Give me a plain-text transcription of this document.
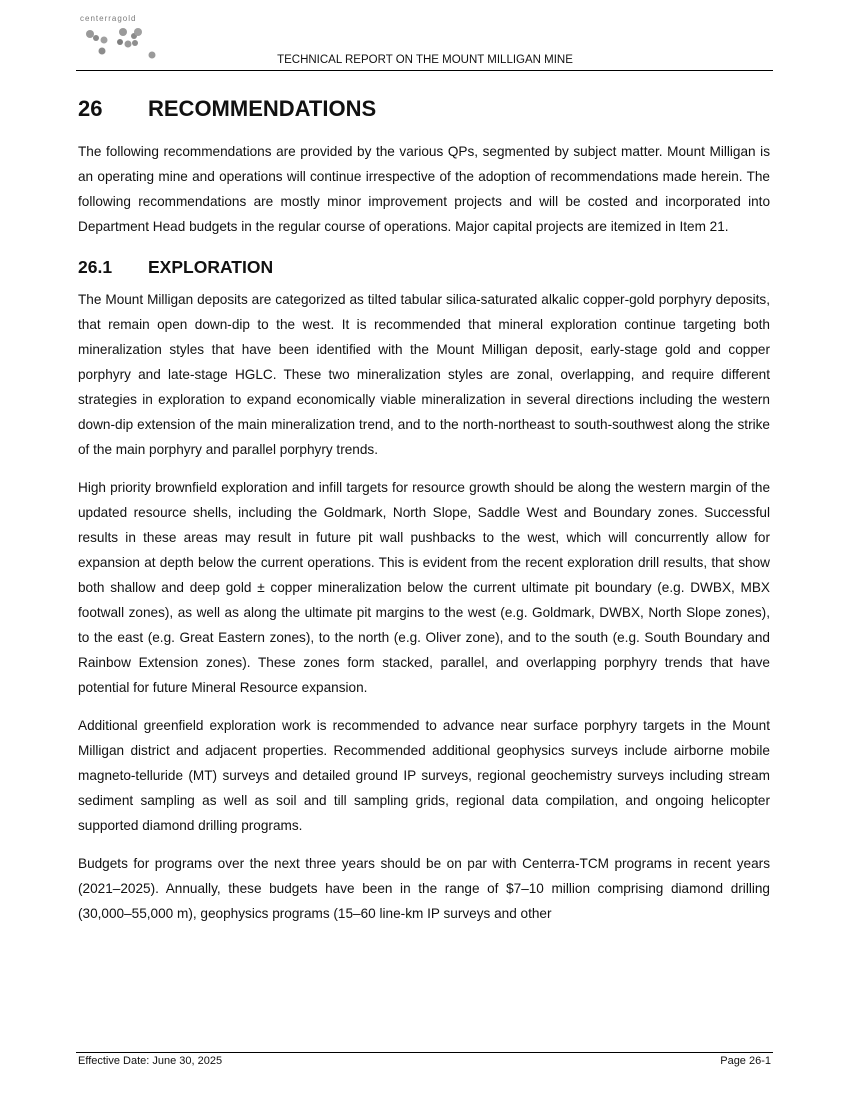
centerragold
TECHNICAL REPORT ON THE MOUNT MILLIGAN MINE
26	RECOMMENDATIONS

The following recommendations are provided by the various QPs, segmented by subject matter. Mount Milligan is an operating mine and operations will continue irrespective of the adoption of recommendations made herein. The following recommendations are mostly minor improvement projects and will be costed and incorporated into Department Head budgets in the regular course of operations. Major capital projects are itemized in Item 21.

26.1	EXPLORATION

The Mount Milligan deposits are categorized as tilted tabular silica-saturated alkalic copper-gold porphyry deposits, that remain open down-dip to the west. It is recommended that mineral exploration continue targeting both mineralization styles that have been identified with the Mount Milligan deposit, early-stage gold and copper porphyry and late-stage HGLC. These two mineralization styles are zonal, overlapping, and require different strategies in exploration to expand economically viable mineralization in several directions including the western down-dip extension of the main mineralization trend, and to the north-northeast to south-southwest along the strike of the main porphyry and parallel porphyry trends.

High priority brownfield exploration and infill targets for resource growth should be along the western margin of the updated resource shells, including the Goldmark, North Slope, Saddle West and Boundary zones. Successful results in these areas may result in future pit wall pushbacks to the west, which will concurrently allow for expansion at depth below the current operations. This is evident from the recent exploration drill results, that show both shallow and deep gold ± copper mineralization below the current ultimate pit boundary (e.g. DWBX, MBX footwall zones), as well as along the ultimate pit margins to the west (e.g. Goldmark, DWBX, North Slope zones), to the east (e.g. Great Eastern zones), to the north (e.g. Oliver zone), and to the south (e.g. South Boundary and Rainbow Extension zones). These zones form stacked, parallel, and overlapping porphyry trends that have potential for future Mineral Resource expansion.

Additional greenfield exploration work is recommended to advance near surface porphyry targets in the Mount Milligan district and adjacent properties. Recommended additional geophysics surveys include airborne mobile magneto-telluride (MT) surveys and detailed ground IP surveys, regional geochemistry surveys including stream sediment sampling as well as soil and till sampling grids, regional data compilation, and ongoing helicopter supported diamond drilling programs.

Budgets for programs over the next three years should be on par with Centerra-TCM programs in recent years (2021–2025). Annually, these budgets have been in the range of $7–10 million comprising diamond drilling (30,000–55,000 m), geophysics programs (15–60 line-km IP surveys and other

Effective Date: June 30, 2025	Page 26-1
